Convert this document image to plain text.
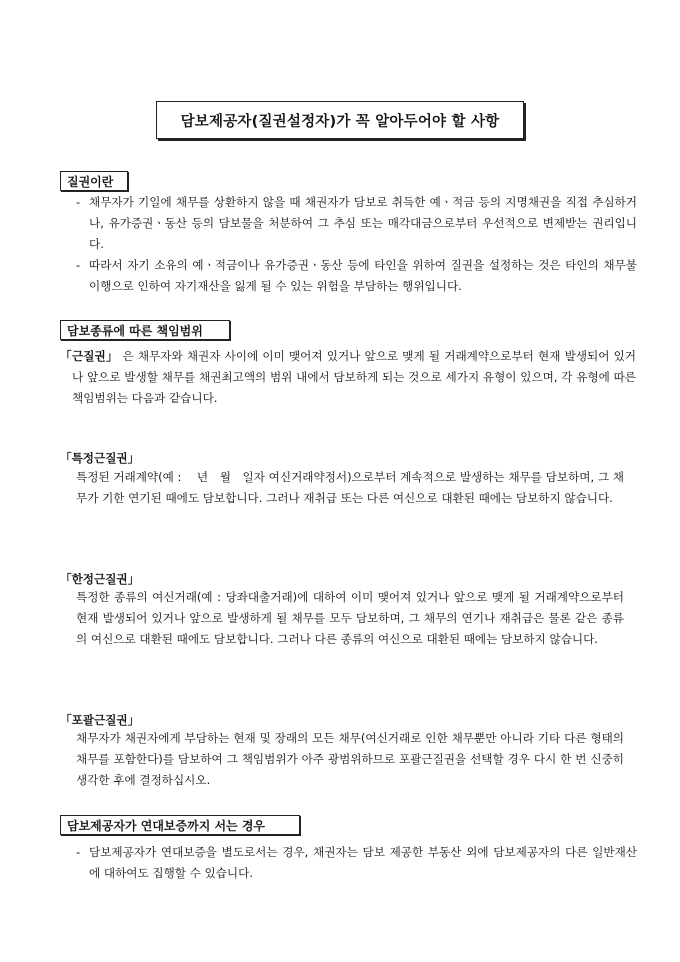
담보제공자(질권설정자)가 꼭 알아두어야 할 사항
질권이란

- 채무자가 기일에 채무를 상환하지 않을 때 채권자가 담보로 취득한 예ㆍ적금 등의 지명채권을 직접 추심하거나, 유가증권ㆍ동산 등의 담보물을 처분하여 그 추심 또는 매각대금으로부터 우선적으로 변제받는 권리입니다.

- 따라서 자기 소유의 예ㆍ적금이나 유가증권ㆍ동산 등에 타인을 위하여 질권을 설정하는 것은 타인의 채무불이행으로 인하여 자기재산을 잃게 될 수 있는 위험을 부담하는 행위입니다.

담보종류에 따른 책임범위

「근질권」 은 채무자와 채권자 사이에 이미 맺어져 있거나 앞으로 맺게 될 거래계약으로부터 현재 발생되어 있거나 앞으로 발생할 채무를 채권최고액의 범위 내에서 담보하게 되는 것으로 세가지 유형이 있으며, 각 유형에 따른 책임범위는 다음과 같습니다.

「특정근질권」

특정된 거래계약(예 :　 년　월　일자 여신거래약정서)으로부터 계속적으로 발생하는 채무를 담보하며, 그 채무가 기한 연기된 때에도 담보합니다. 그러나 재취급 또는 다른 여신으로 대환된 때에는 담보하지 않습니다.

「한정근질권」

특정한 종류의 여신거래(예 : 당좌대출거래)에 대하여 이미 맺어져 있거나 앞으로 맺게 될 거래계약으로부터 현재 발생되어 있거나 앞으로 발생하게 될 채무를 모두 담보하며, 그 채무의 연기나 재취급은 물론 같은 종류의 여신으로 대환된 때에도 담보합니다. 그러나 다른 종류의 여신으로 대환된 때에는 담보하지 않습니다.

「포괄근질권」

채무자가 채권자에게 부담하는 현재 및 장래의 모든 채무(여신거래로 인한 채무뿐만 아니라 기타 다른 형태의 채무를 포함한다)를 담보하여 그 책임범위가 아주 광범위하므로 포괄근질권을 선택할 경우 다시 한 번 신중히 생각한 후에 결정하십시오.

담보제공자가 연대보증까지 서는 경우

- 담보제공자가 연대보증을 별도로서는 경우, 채권자는 담보 제공한 부동산 외에 담보제공자의 다른 일반재산에 대하여도 집행할 수 있습니다.
